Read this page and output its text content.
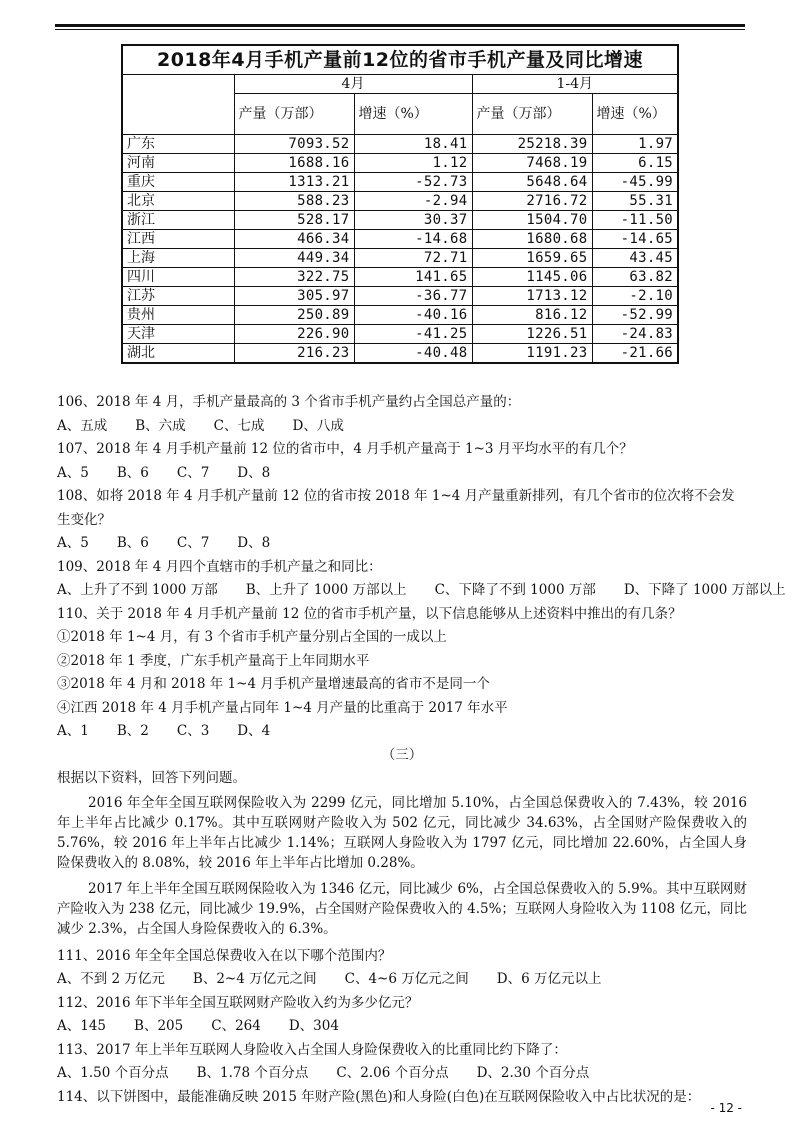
2018年4月手机产量前12位的省市手机产量及同比增速				
	4月		1-4月	
	产量（万部）	增速（%）	产量（万部）	增速（%）
广东	7093.52	18.41	25218.39	1.97
河南	1688.16	1.12	7468.19	6.15
重庆	1313.21	-52.73	5648.64	-45.99
北京	588.23	-2.94	2716.72	55.31
浙江	528.17	30.37	1504.70	-11.50
江西	466.34	-14.68	1680.68	-14.65
上海	449.34	72.71	1659.65	43.45
四川	322.75	141.65	1145.06	63.82
江苏	305.97	-36.77	1713.12	-2.10
贵州	250.89	-40.16	816.12	-52.99
天津	226.90	-41.25	1226.51	-24.83
湖北	216.23	-40.48	1191.23	-21.66
106、2018 年 4 月，手机产量最高的 3 个省市手机产量约占全国总产量的：
A、五成 B、六成 C、七成 D、八成
107、2018 年 4 月手机产量前 12 位的省市中，4 月手机产量高于 1~3 月平均水平的有几个？
A、5 B、6 C、7 D、8
108、如将 2018 年 4 月手机产量前 12 位的省市按 2018 年 1~4 月产量重新排列，有几个省市的位次将不会发生变化？
A、5 B、6 C、7 D、8
109、2018 年 4 月四个直辖市的手机产量之和同比：
A、上升了不到 1000 万部 B、上升了 1000 万部以上 C、下降了不到 1000 万部 D、下降了 1000 万部以上
110、关于 2018 年 4 月手机产量前 12 位的省市手机产量，以下信息能够从上述资料中推出的有几条？
①2018 年 1~4 月，有 3 个省市手机产量分别占全国的一成以上
②2018 年 1 季度，广东手机产量高于上年同期水平
③2018 年 4 月和 2018 年 1~4 月手机产量增速最高的省市不是同一个
④江西 2018 年 4 月手机产量占同年 1~4 月产量的比重高于 2017 年水平
A、1 B、2 C、3 D、4
（三）
根据以下资料，回答下列问题。
2016 年全年全国互联网保险收入为 2299 亿元，同比增加 5.10%，占全国总保费收入的 7.43%，较 2016 年上半年占比减少 0.17%。其中互联网财产险收入为 502 亿元，同比减少 34.63%，占全国财产险保费收入的 5.76%，较 2016 年上半年占比减少 1.14%；互联网人身险收入为 1797 亿元，同比增加 22.60%，占全国人身险保费收入的 8.08%，较 2016 年上半年占比增加 0.28%。
2017 年上半年全国互联网保险收入为 1346 亿元，同比减少 6%，占全国总保费收入的 5.9%。其中互联网财产险收入为 238 亿元，同比减少 19.9%，占全国财产险保费收入的 4.5%；互联网人身险收入为 1108 亿元，同比减少 2.3%，占全国人身险保费收入的 6.3%。
111、2016 年全年全国总保费收入在以下哪个范围内？
A、不到 2 万亿元 B、2~4 万亿元之间 C、4~6 万亿元之间 D、6 万亿元以上
112、2016 年下半年全国互联网财产险收入约为多少亿元？
A、145 B、205 C、264 D、304
113、2017 年上半年互联网人身险收入占全国人身险保费收入的比重同比约下降了：
A、1.50 个百分点 B、1.78 个百分点 C、2.06 个百分点 D、2.30 个百分点
114、以下饼图中，最能准确反映 2015 年财产险(黑色)和人身险(白色)在互联网保险收入中占比状况的是：
- 12 -
